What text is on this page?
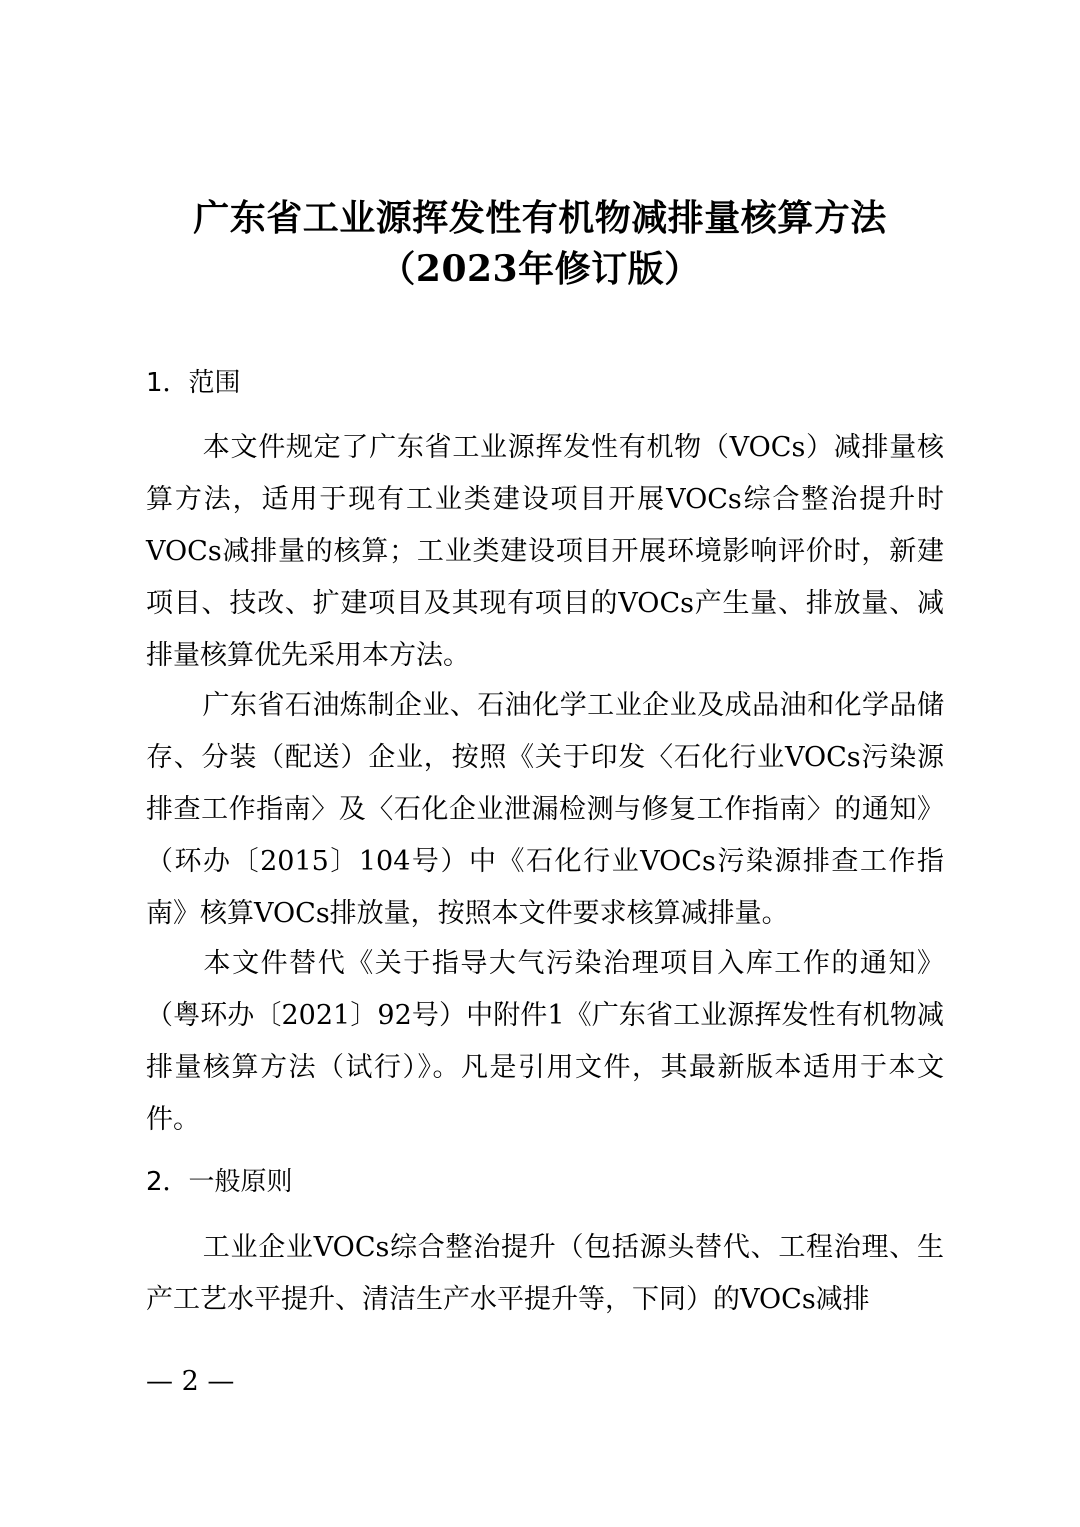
广东省工业源挥发性有机物减排量核算方法
（2023年修订版）
1．范围
本文件规定了广东省工业源挥发性有机物（VOCs）减排量核算方法，适用于现有工业类建设项目开展VOCs综合整治提升时VOCs减排量的核算；工业类建设项目开展环境影响评价时，新建项目、技改、扩建项目及其现有项目的VOCs产生量、排放量、减排量核算优先采用本方法。
广东省石油炼制企业、石油化学工业企业及成品油和化学品储存、分装（配送）企业，按照《关于印发〈石化行业VOCs污染源排查工作指南〉及〈石化企业泄漏检测与修复工作指南〉的通知》（环办〔2015〕104号）中《石化行业VOCs污染源排查工作指南》核算VOCs排放量，按照本文件要求核算减排量。
本文件替代《关于指导大气污染治理项目入库工作的通知》（粤环办〔2021〕92号）中附件1《广东省工业源挥发性有机物减排量核算方法（试行）》。凡是引用文件，其最新版本适用于本文件。
2．一般原则
工业企业VOCs综合整治提升（包括源头替代、工程治理、生产工艺水平提升、清洁生产水平提升等，下同）的VOCs减排
— 2 —
